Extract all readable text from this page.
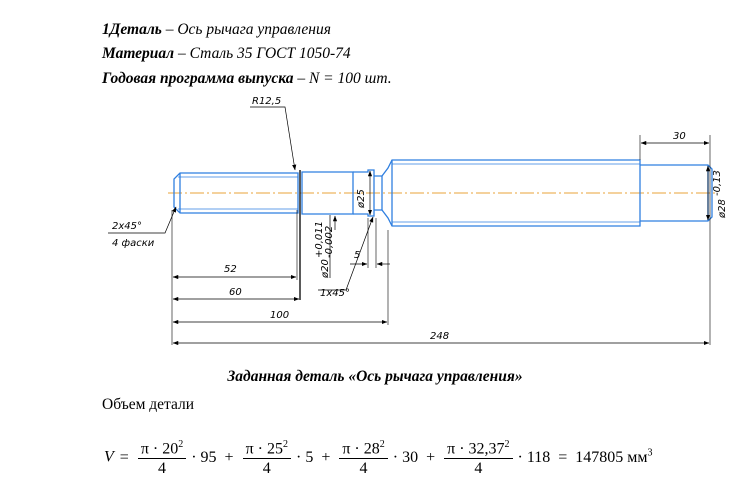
1Деталь – Ось рычага управления
Материал – Сталь 35 ГОСТ 1050-74
Годовая программа выпуска – N = 100 шт.
R12,5
2х45°
4 фаски
52
60
100
248
30
5
1х45°
ø25
ø28
-0,13
ø20
+0,011 -0,002
Заданная деталь «Ось рычага управления»
Объем детали
$V = \frac{\pi \cdot 20^2}{4} \cdot 95 + \frac{\pi \cdot 25^2}{4} \cdot 5 + \frac{\pi \cdot 28^2}{4} \cdot 30 + \frac{\pi \cdot 32,37^2}{4} \cdot 118 = 147805$ $мм^3$
